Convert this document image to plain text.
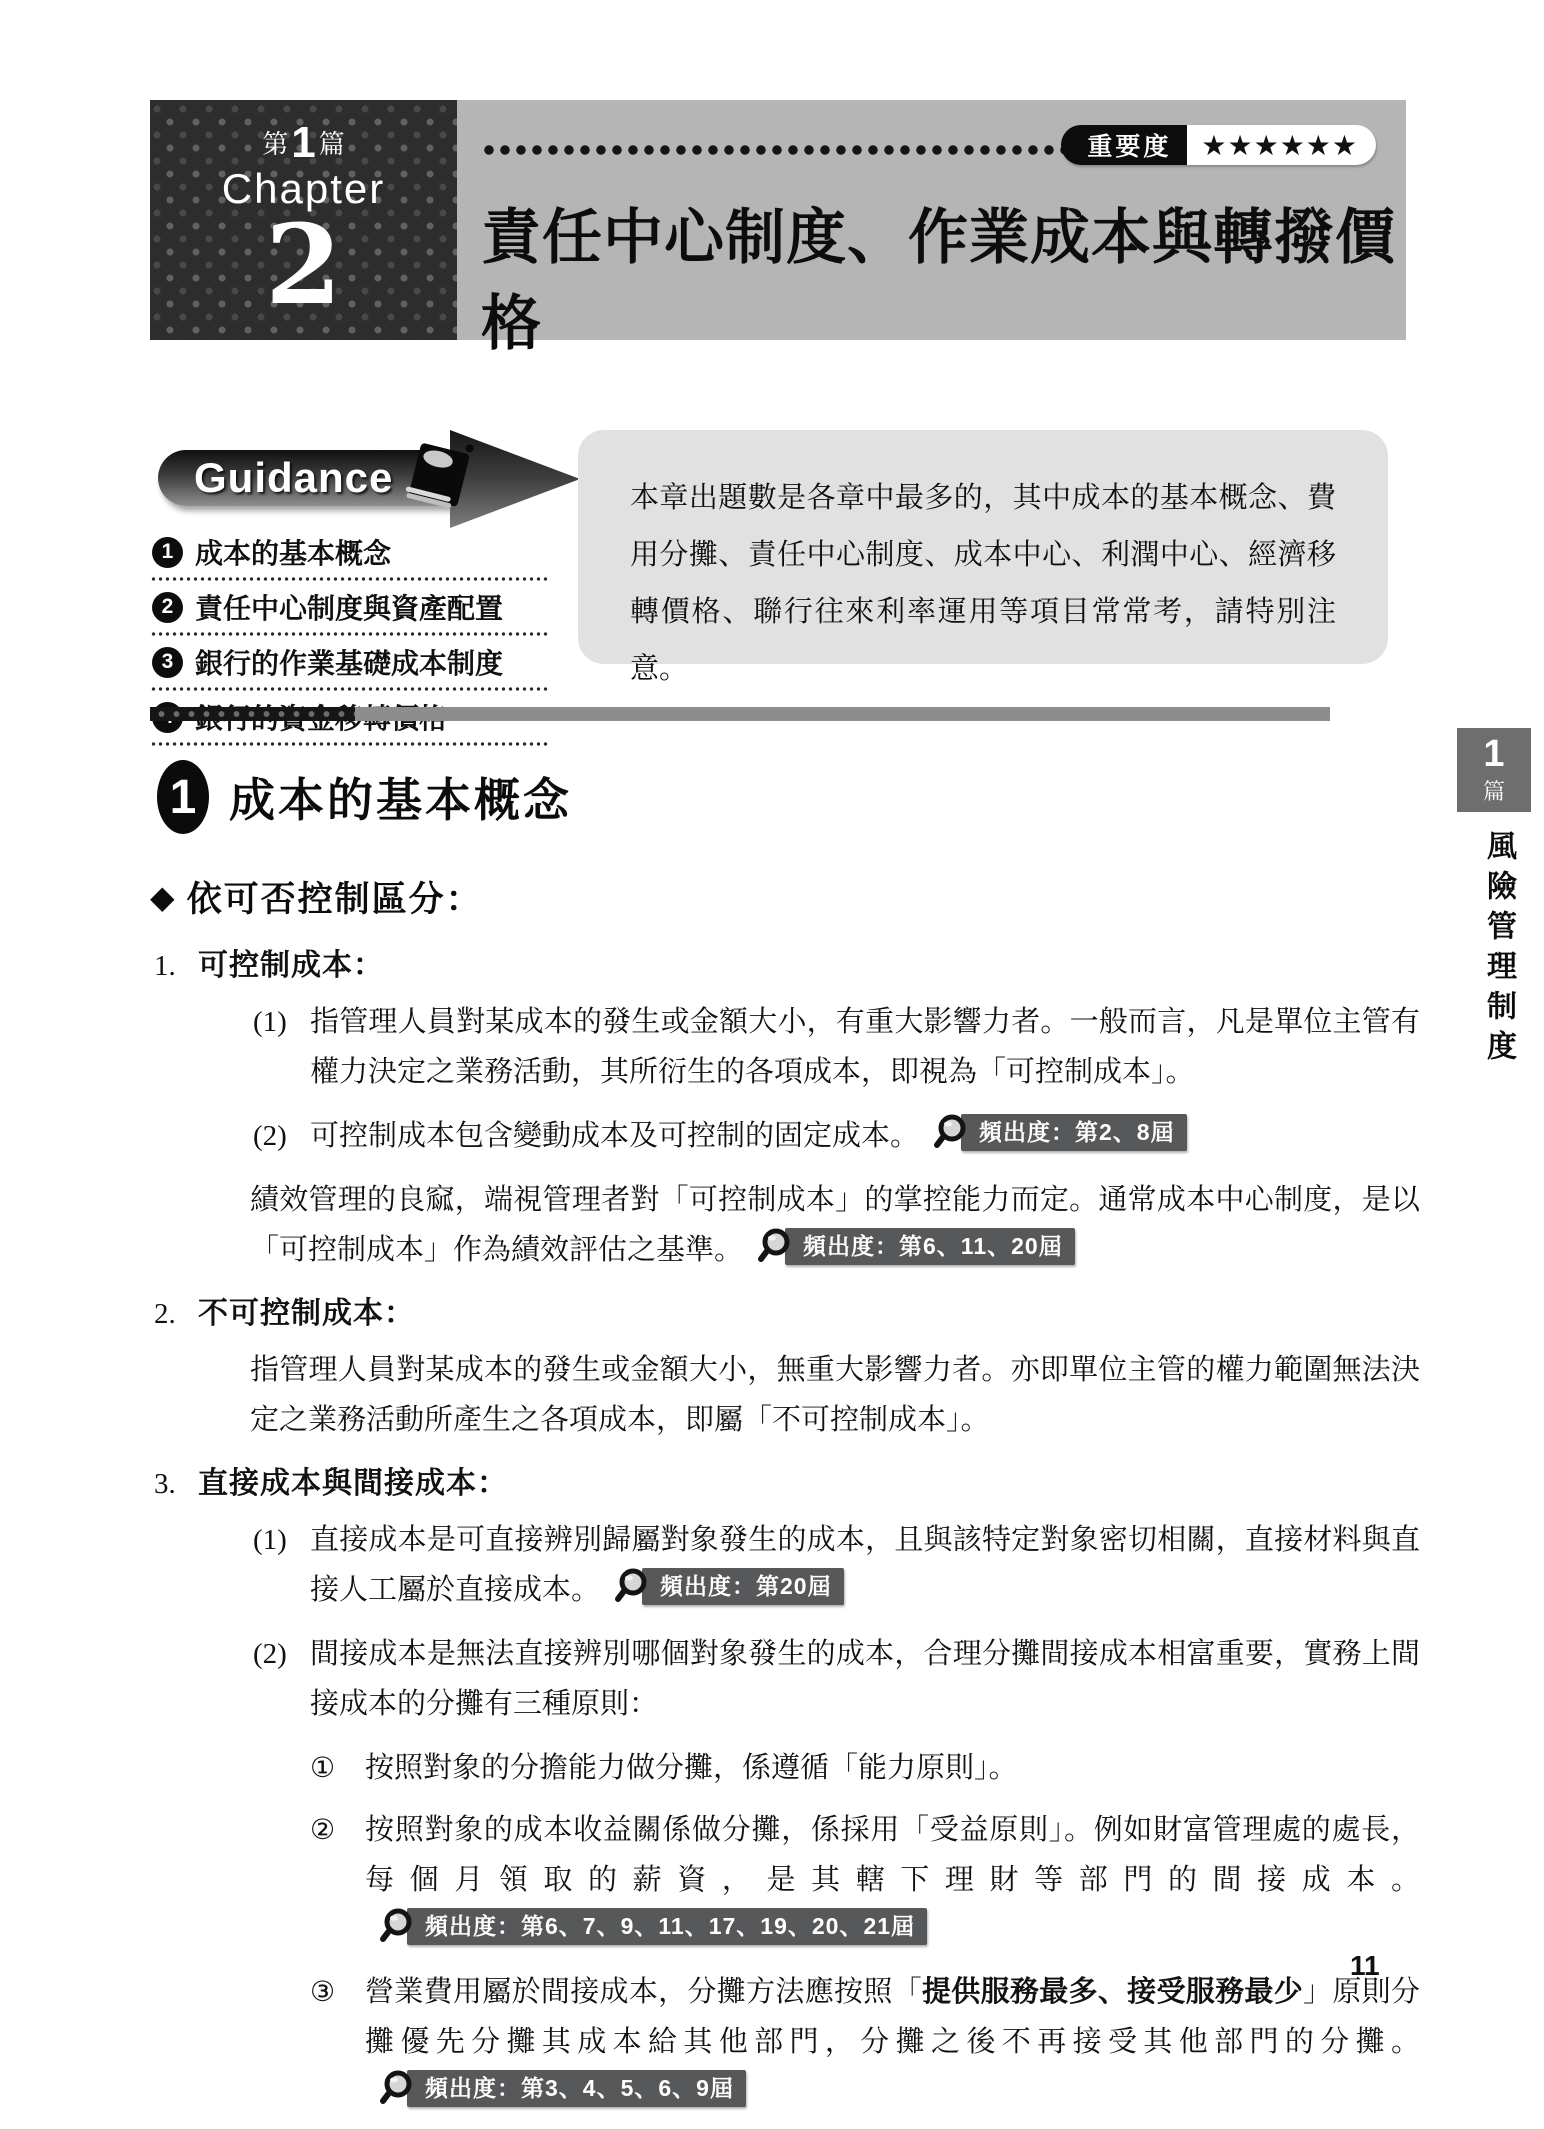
第 1 篇
Chapter
2
重要度	★★★★★★
責任中心制度、作業成本與轉撥價格
Guidance
1 成本的基本概念
2 責任中心制度與資產配置
3 銀行的作業基礎成本制度
本章出題數是各章中最多的，其中成本的基本概念、費用分攤、責任中心制度、成本中心、利潤中心、經濟移轉價格、聯行往來利率運用等項目常常考，請特別注意。
1 成本的基本概念
◆ 依可否控制區分：
1. 可控制成本：
(1) 指管理人員對某成本的發生或金額大小，有重大影響力者。一般而言，凡是單位主管有權力決定之業務活動，其所衍生的各項成本，即視為「可控制成本」。
(2) 可控制成本包含變動成本及可控制的固定成本。	頻出度：第2、8屆
績效管理的良窳，端視管理者對「可控制成本」的掌控能力而定。通常成本中心制度，是以「可控制成本」作為績效評估之基準。	頻出度：第6、11、20屆
2. 不可控制成本：
指管理人員對某成本的發生或金額大小，無重大影響力者。亦即單位主管的權力範圍無法決定之業務活動所產生之各項成本，即屬「不可控制成本」。
3. 直接成本與間接成本：
(1) 直接成本是可直接辨別歸屬對象發生的成本，且與該特定對象密切相關，直接材料與直接人工屬於直接成本。	頻出度：第20屆
(2) 間接成本是無法直接辨別哪個對象發生的成本，合理分攤間接成本相富重要，實務上間接成本的分攤有三種原則：
①	按照對象的分擔能力做分攤，係遵循「能力原則」。
②	按照對象的成本收益關係做分攤，係採用「受益原則」。例如財富管理處的處長，每個月領取的薪資，是其轄下理財等部門的間接成本。
頻出度：第6、7、9、11、17、19、20、21屆
③	營業費用屬於間接成本，分攤方法應按照「提供服務最多、接受服務最少」原則分攤優先分攤其成本給其他部門，分攤之後不再接受其他部門的分攤。
頻出度：第3、4、5、6、9屆
1
篇
風險管理制度
11
